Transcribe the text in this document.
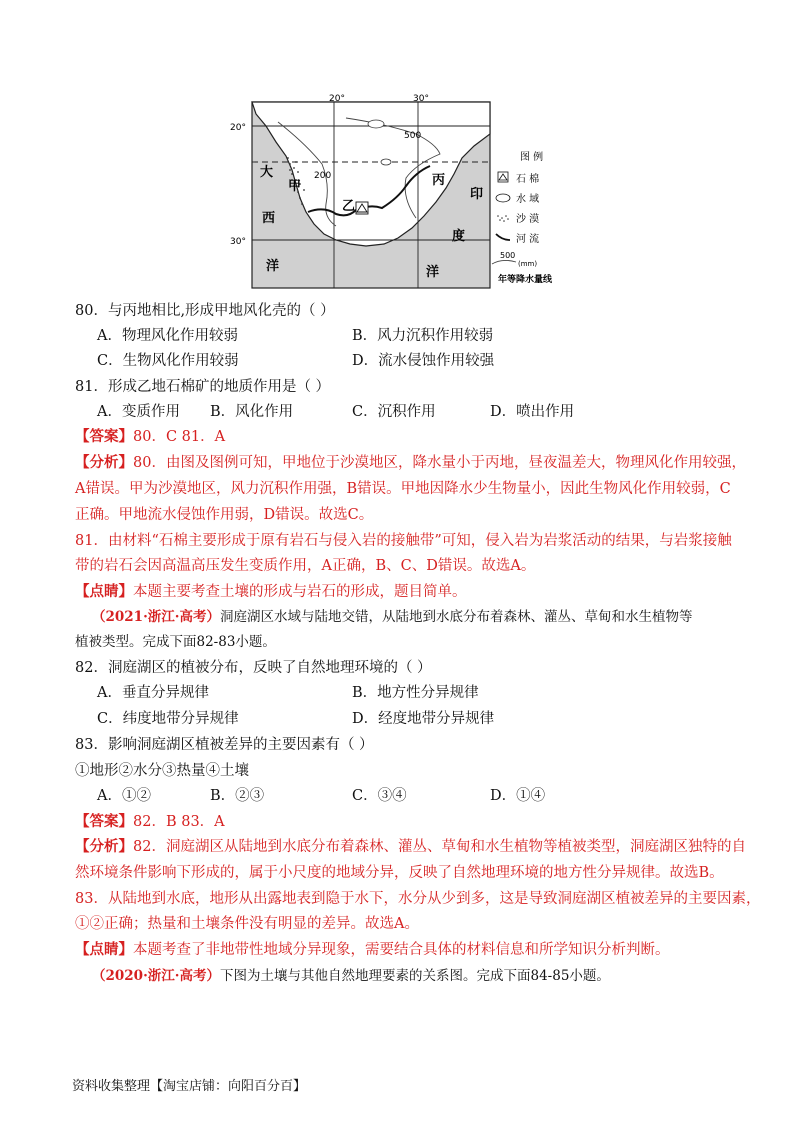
20°	30°
20°
30°
大
西
洋
印
度
洋
甲
乙
丙
200
500
图 例
石 棉
水 域
沙 漠
河 流
500
(mm)
年等降水量线
80．与丙地相比,形成甲地风化壳的（ ）
A．物理风化作用较弱	B．风力沉积作用较弱
C．生物风化作用较弱	D．流水侵蚀作用较强
81．形成乙地石棉矿的地质作用是（ ）
A．变质作用 B．风化作用	C．沉积作用	D．喷出作用
【答案】80．C 81．A
【分析】80．由图及图例可知，甲地位于沙漠地区，降水量小于丙地，昼夜温差大，物理风化作用较强，
A错误。甲为沙漠地区，风力沉积作用强，B错误。甲地因降水少生物量小，因此生物风化作用较弱，C
正确。甲地流水侵蚀作用弱，D错误。故选C。
81．由材料“石棉主要形成于原有岩石与侵入岩的接触带”可知，侵入岩为岩浆活动的结果，与岩浆接触
带的岩石会因高温高压发生变质作用，A正确，B、C、D错误。故选A。
【点睛】本题主要考查土壤的形成与岩石的形成，题目简单。
（2021·浙江·高考）洞庭湖区水域与陆地交错，从陆地到水底分布着森林、灌丛、草甸和水生植物等
植被类型。完成下面82-83小题。
82．洞庭湖区的植被分布，反映了自然地理环境的（ ）
A．垂直分异规律	B．地方性分异规律
C．纬度地带分异规律	D．经度地带分异规律
83．影响洞庭湖区植被差异的主要因素有（ ）
①地形②水分③热量④土壤
A．①②	B．②③	C．③④	D．①④
【答案】82．B 83．A
【分析】82．洞庭湖区从陆地到水底分布着森林、灌丛、草甸和水生植物等植被类型，洞庭湖区独特的自
然环境条件影响下形成的，属于小尺度的地域分异，反映了自然地理环境的地方性分异规律。故选B。
83．从陆地到水底，地形从出露地表到隐于水下，水分从少到多，这是导致洞庭湖区植被差异的主要因素，
①②正确；热量和土壤条件没有明显的差异。故选A。
【点睛】本题考查了非地带性地域分异现象，需要结合具体的材料信息和所学知识分析判断。
（2020·浙江·高考）下图为土壤与其他自然地理要素的关系图。完成下面84-85小题。
资料收集整理【淘宝店铺：向阳百分百】
